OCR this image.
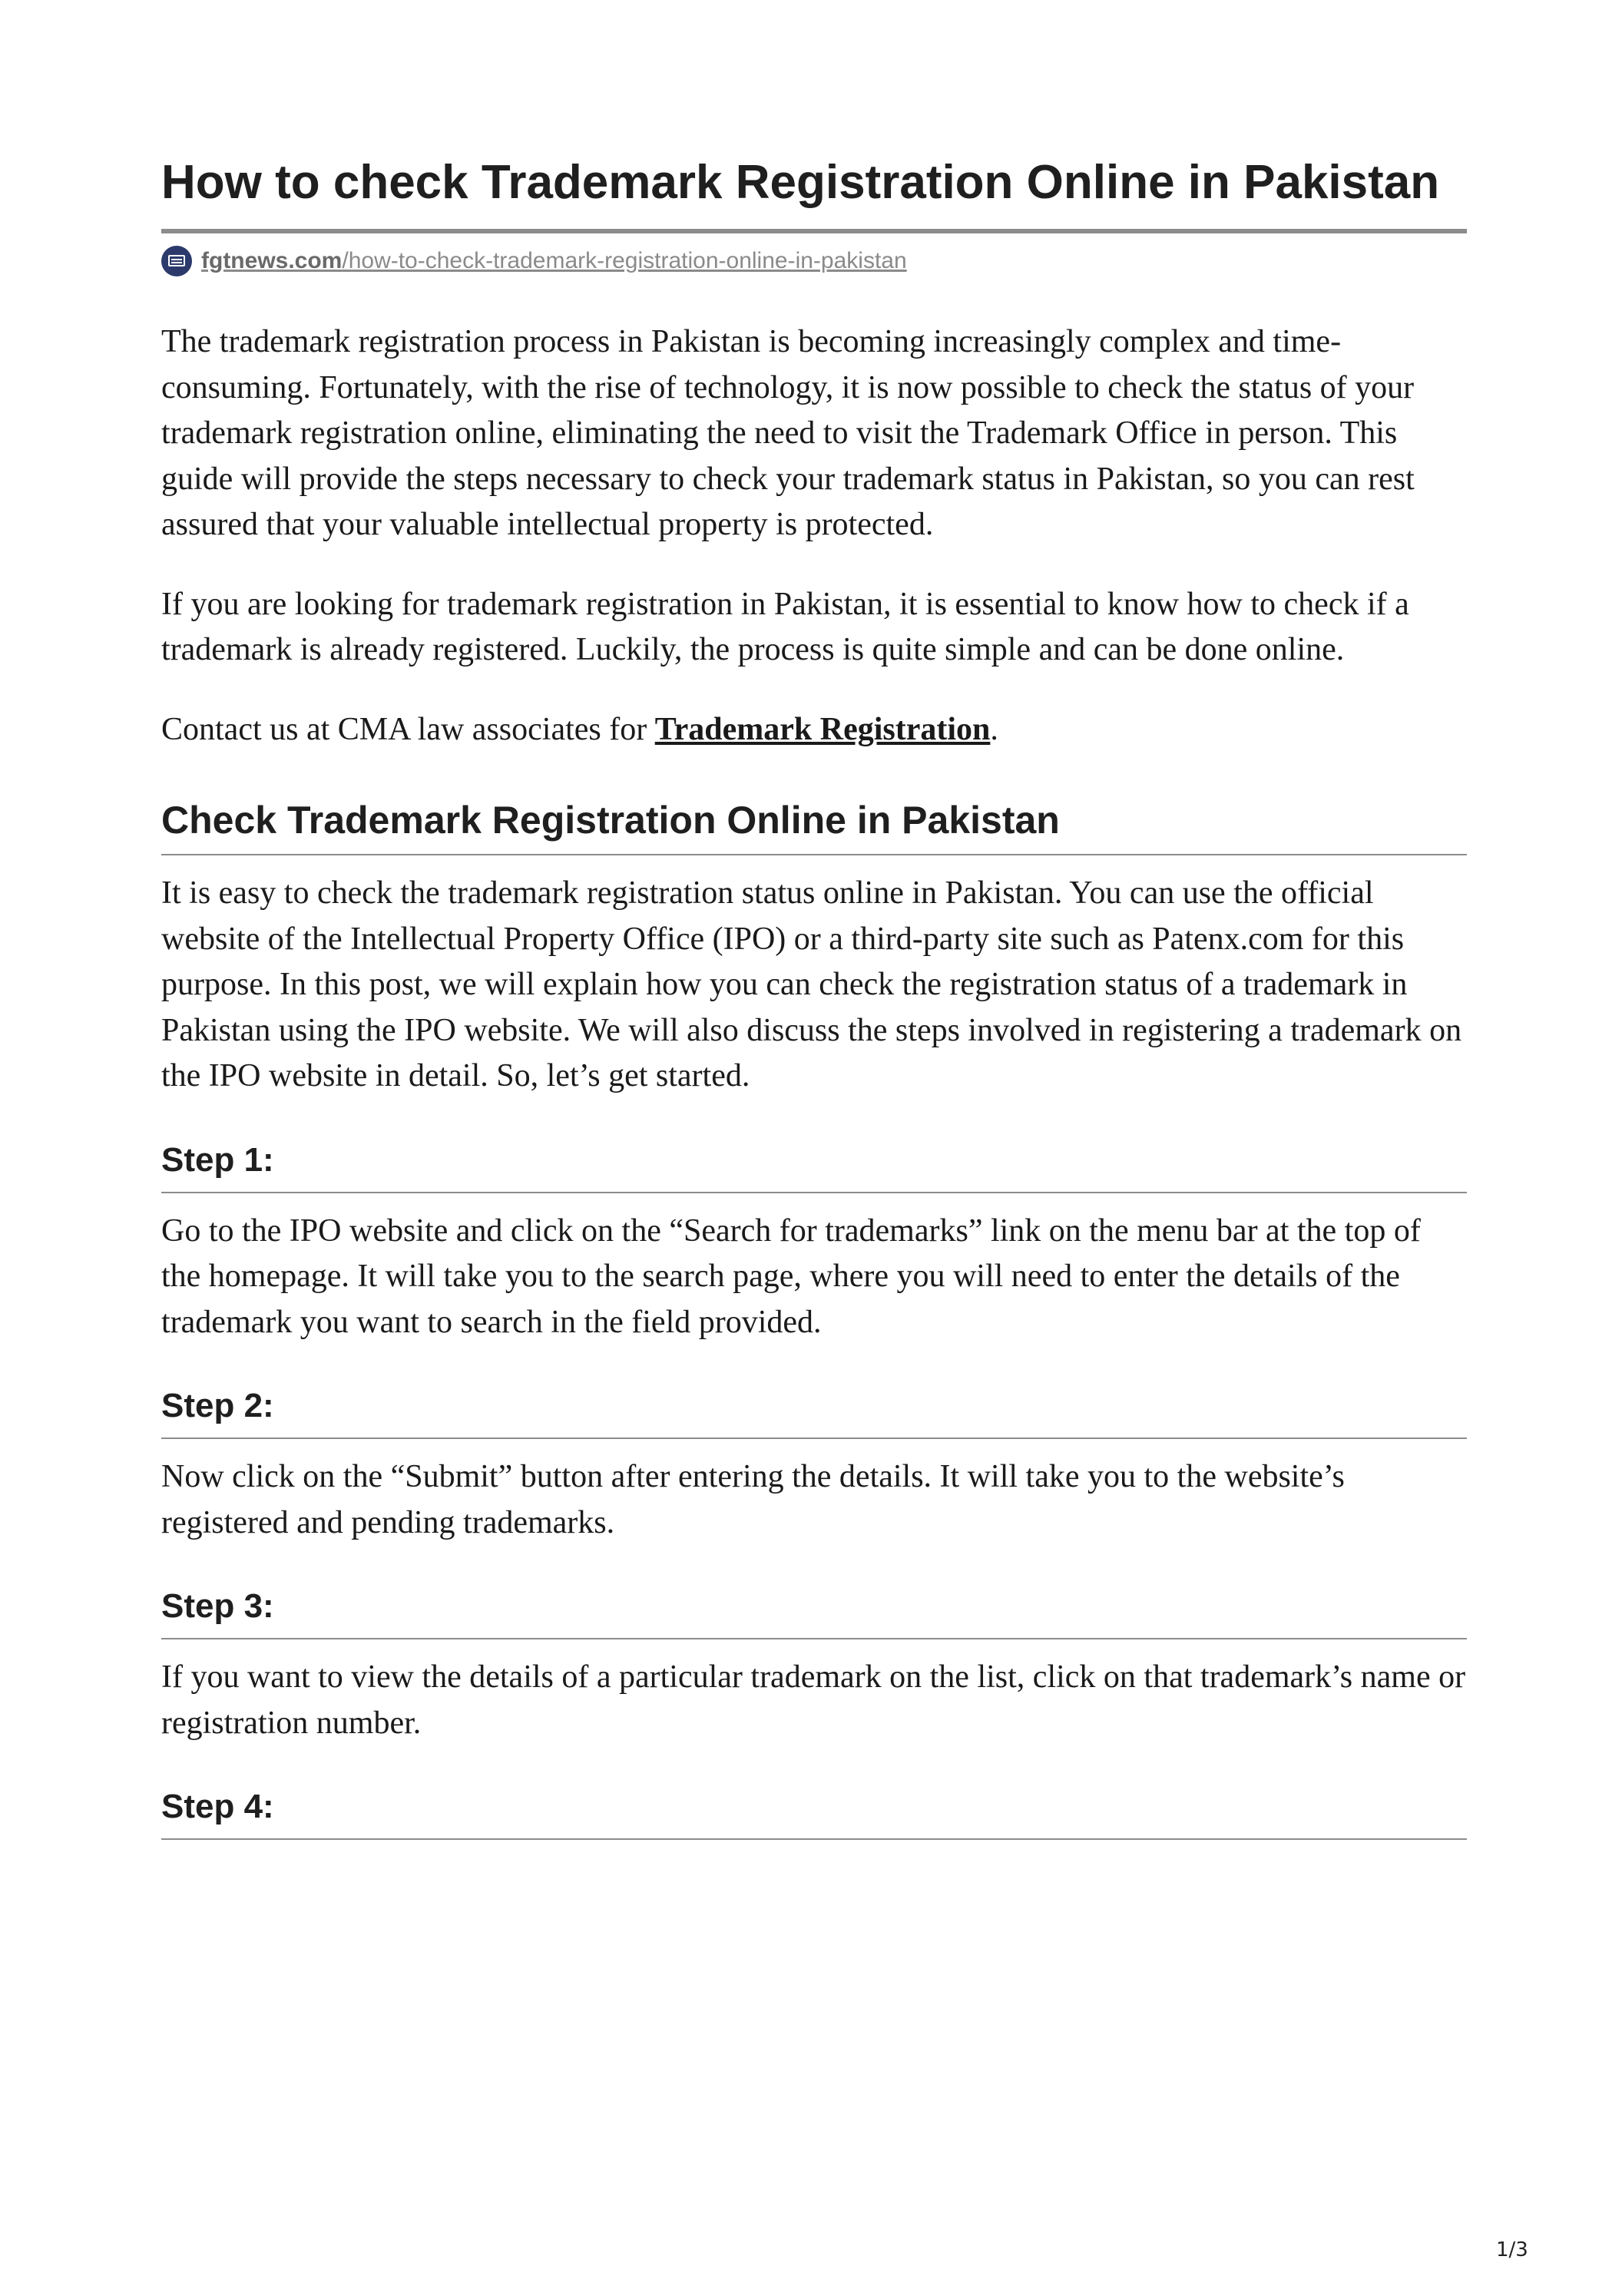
How to check Trademark Registration Online in Pakistan
fgtnews.com/how-to-check-trademark-registration-online-in-pakistan

The trademark registration process in Pakistan is becoming increasingly complex and time-consuming. Fortunately, with the rise of technology, it is now possible to check the status of your trademark registration online, eliminating the need to visit the Trademark Office in person. This guide will provide the steps necessary to check your trademark status in Pakistan, so you can rest assured that your valuable intellectual property is protected.

If you are looking for trademark registration in Pakistan, it is essential to know how to check if a trademark is already registered. Luckily, the process is quite simple and can be done online.

Contact us at CMA law associates for Trademark Registration.

Check Trademark Registration Online in Pakistan

It is easy to check the trademark registration status online in Pakistan. You can use the official website of the Intellectual Property Office (IPO) or a third-party site such as Patenx.com for this purpose. In this post, we will explain how you can check the registration status of a trademark in Pakistan using the IPO website. We will also discuss the steps involved in registering a trademark on the IPO website in detail. So, let’s get started.

Step 1:

Go to the IPO website and click on the “Search for trademarks” link on the menu bar at the top of the homepage. It will take you to the search page, where you will need to enter the details of the trademark you want to search in the field provided.

Step 2:

Now click on the “Submit” button after entering the details. It will take you to the website’s registered and pending trademarks.

Step 3:

If you want to view the details of a particular trademark on the list, click on that trademark’s name or registration number.

Step 4:
1/3
